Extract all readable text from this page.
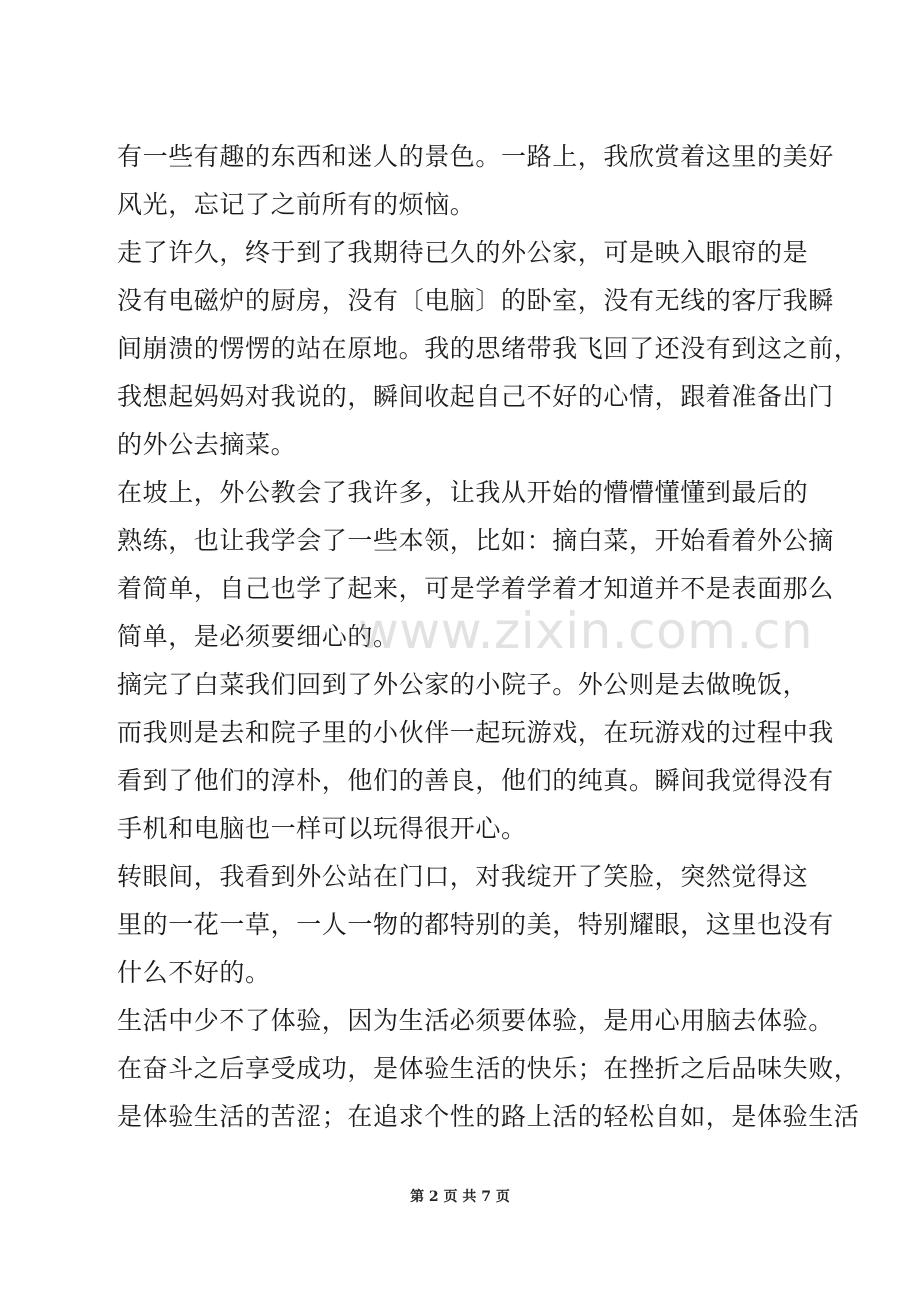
有一些有趣的东西和迷人的景色。一路上，我欣赏着这里的美好
风光，忘记了之前所有的烦恼。
走了许久，终于到了我期待已久的外公家，可是映入眼帘的是
没有电磁炉的厨房，没有〔电脑〕的卧室，没有无线的客厅我瞬
间崩溃的愣愣的站在原地。我的思绪带我飞回了还没有到这之前，
我想起妈妈对我说的，瞬间收起自己不好的心情，跟着准备出门
的外公去摘菜。
在坡上，外公教会了我许多，让我从开始的懵懵懂懂到最后的
熟练，也让我学会了一些本领，比如：摘白菜，开始看着外公摘
着简单，自己也学了起来，可是学着学着才知道并不是表面那么
简单，是必须要细心的。
摘完了白菜我们回到了外公家的小院子。外公则是去做晚饭，
而我则是去和院子里的小伙伴一起玩游戏，在玩游戏的过程中我
看到了他们的淳朴，他们的善良，他们的纯真。瞬间我觉得没有
手机和电脑也一样可以玩得很开心。
转眼间，我看到外公站在门口，对我绽开了笑脸，突然觉得这
里的一花一草，一人一物的都特别的美，特别耀眼，这里也没有
什么不好的。
生活中少不了体验，因为生活必须要体验，是用心用脑去体验。
在奋斗之后享受成功，是体验生活的快乐；在挫折之后品味失败，
是体验生活的苦涩；在追求个性的路上活的轻松自如，是体验生活
www.zixin.com.cn
第 2 页 共 7 页
